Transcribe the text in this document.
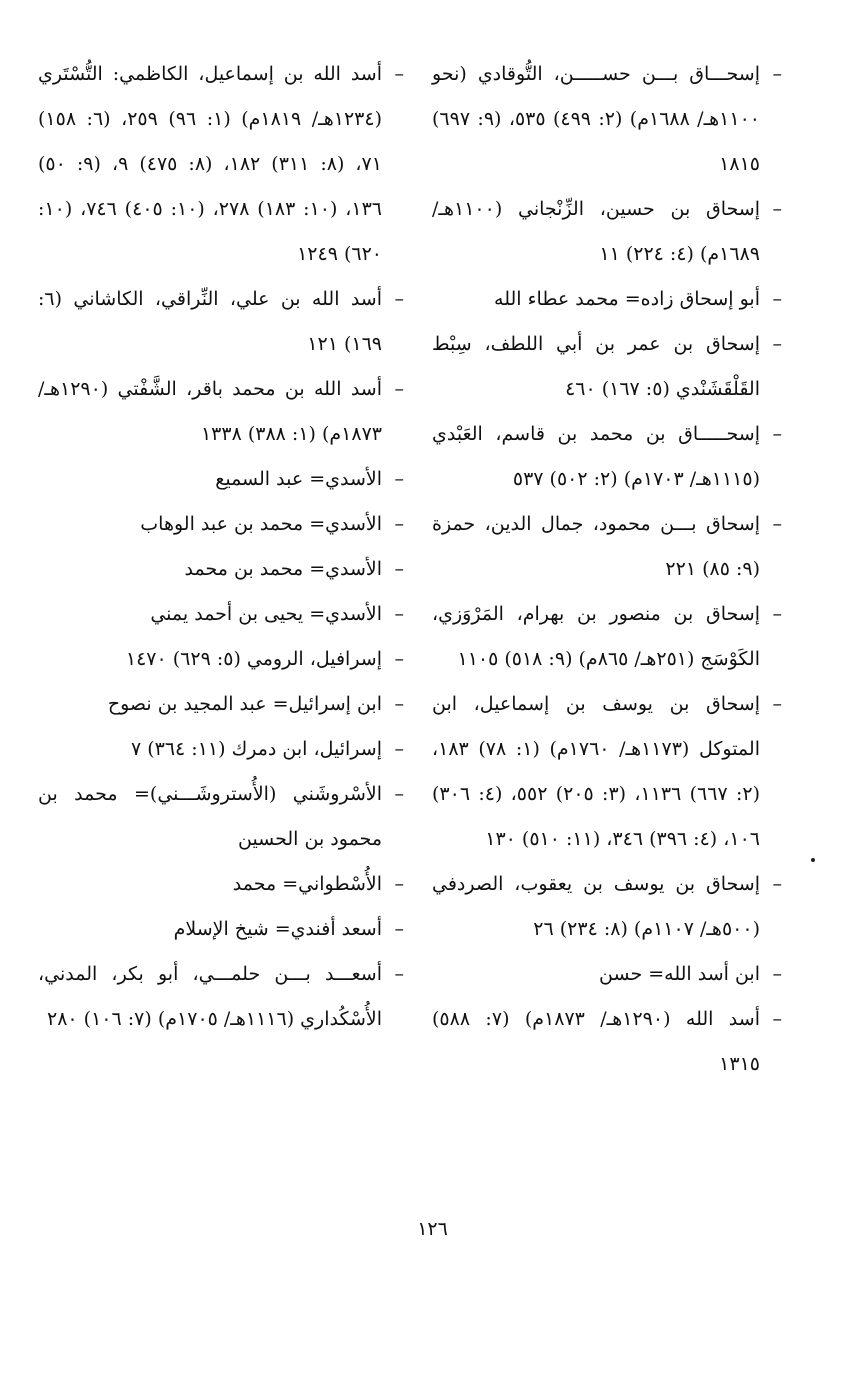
–
إسحـــاق بـــن حســـــن، التُّوقادي (نحو ١١٠٠هـ/ ١٦٨٨م) (٢: ٤٩٩) ٥٣٥، (٩: ٦٩٧) ١٨١٥

–
إسحاق بن حسين، الزِّنْجاني (١١٠٠هـ/ ١٦٨٩م) (٤: ٢٢٤) ١١

–
أبو إسحاق زاده= محمد عطاء الله

–
إسحاق بن عمر بن أبي اللطف، سِبْط القَلْقَشَنْدي (٥: ١٦٧) ٤٦٠

–
إسحـــــاق بن محمد بن قاسم، العَبْدي (١١١٥هـ/ ١٧٠٣م) (٢: ٥٠٢) ٥٣٧

–
إسحاق بـــن محمود، جمال الدين، حمزة (٩: ٨٥) ٢٢١

–
إسحاق بن منصور بن بهرام، المَرْوَزي، الكَوْسَج (٢٥١هـ/ ٨٦٥م) (٩: ٥١٨) ١١٠٥

–
إسحاق بن يوسف بن إسماعيل، ابن المتوكل (١١٧٣هـ/ ١٧٦٠م) (١: ٧٨) ١٨٣، (٢: ٦٦٧) ١١٣٦، (٣: ٢٠٥) ٥٥٢، (٤: ٣٠٦) ١٠٦، (٤: ٣٩٦) ٣٤٦، (١١: ٥١٠) ١٣٠

–
إسحاق بن يوسف بن يعقوب، الصردفي (٥٠٠هـ/ ١١٠٧م) (٨: ٢٣٤) ٢٦

–
ابن أسد الله= حسن

–
أسد الله (١٢٩٠هـ/ ١٨٧٣م) (٧: ٥٨٨) ١٣١٥

–
أسد الله بن إسماعيل، الكاظمي: التُّسْتَري (١٢٣٤هـ/ ١٨١٩م) (١: ٩٦) ٢٥٩، (٦: ١٥٨) ٧١، (٨: ٣١١) ١٨٢، (٨: ٤٧٥) ٩، (٩: ٥٠) ١٣٦، (١٠: ١٨٣) ٢٧٨، (١٠: ٤٠٥) ٧٤٦، (١٠: ٦٢٠) ١٢٤٩

–
أسد الله بن علي، النِّراقي، الكاشاني (٦: ١٦٩) ١٢١

–
أسد الله بن محمد باقر، الشَّفْتي (١٢٩٠هـ/ ١٨٧٣م) (١: ٣٨٨) ١٣٣٨

–
الأسدي= عبد السميع

–
الأسدي= محمد بن عبد الوهاب

–
الأسدي= محمد بن محمد

–
الأسدي= يحيى بن أحمد يمني

–
إسرافيل، الرومي (٥: ٦٢٩) ١٤٧٠

–
ابن إسرائيل= عبد المجيد بن نصوح

–
إسرائيل، ابن دمرك (١١: ٣٦٤) ٧

–
الأسْروشَني (الأُستروشَـــني)= محمد بن محمود بن الحسين

–
الأُسْطواني= محمد

–
أسعد أفندي= شيخ الإسلام

–
أسعـــد بـــن حلمـــي، أبو بكر، المدني، الأُسْكُداري (١١١٦هـ/ ١٧٠٥م) (٧: ١٠٦) ٢٨٠

١٢٦
